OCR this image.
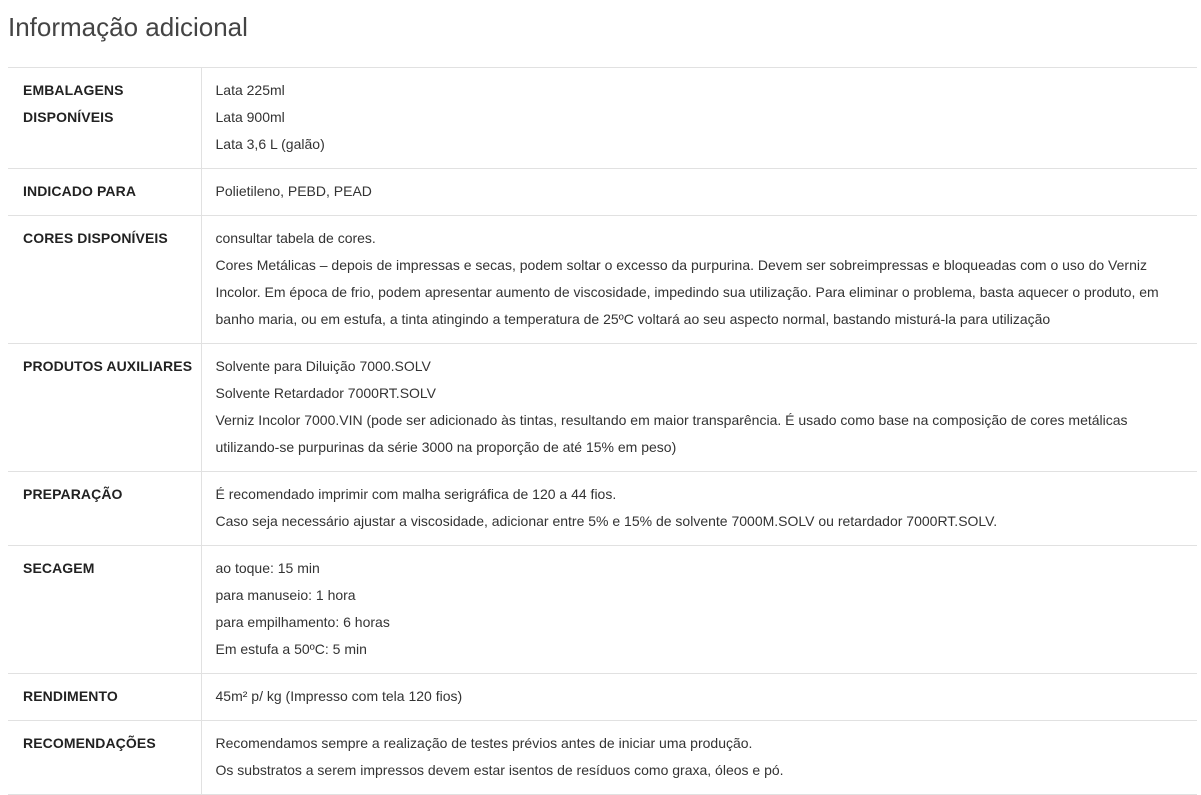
Informação adicional
EMBALAGENS DISPONÍVEIS	Lata 225ml
Lata 900ml
Lata 3,6 L (galão)

INDICADO PARA	Polietileno, PEBD, PEAD

CORES DISPONÍVEIS	consultar tabela de cores.
Cores Metálicas – depois de impressas e secas, podem soltar o excesso da purpurina. Devem ser sobreimpressas e bloqueadas com o uso do Verniz Incolor. Em época de frio, podem apresentar aumento de viscosidade, impedindo sua utilização. Para eliminar o problema, basta aquecer o produto, em banho maria, ou em estufa, a tinta atingindo a temperatura de 25ºC voltará ao seu aspecto normal, bastando misturá-la para utilização

PRODUTOS AUXILIARES	Solvente para Diluição 7000.SOLV
Solvente Retardador 7000RT.SOLV
Verniz Incolor 7000.VIN (pode ser adicionado às tintas, resultando em maior transparência. É usado como base na composição de cores metálicas utilizando-se purpurinas da série 3000 na proporção de até 15% em peso)

PREPARAÇÃO	É recomendado imprimir com malha serigráfica de 120 a 44 fios.
Caso seja necessário ajustar a viscosidade, adicionar entre 5% e 15% de solvente 7000M.SOLV ou retardador 7000RT.SOLV.

SECAGEM	ao toque: 15 min
para manuseio: 1 hora
para empilhamento: 6 horas
Em estufa a 50ºC: 5 min

RENDIMENTO	45m² p/ kg (Impresso com tela 120 fios)

RECOMENDAÇÕES	Recomendamos sempre a realização de testes prévios antes de iniciar uma produção.
Os substratos a serem impressos devem estar isentos de resíduos como graxa, óleos e pó.
